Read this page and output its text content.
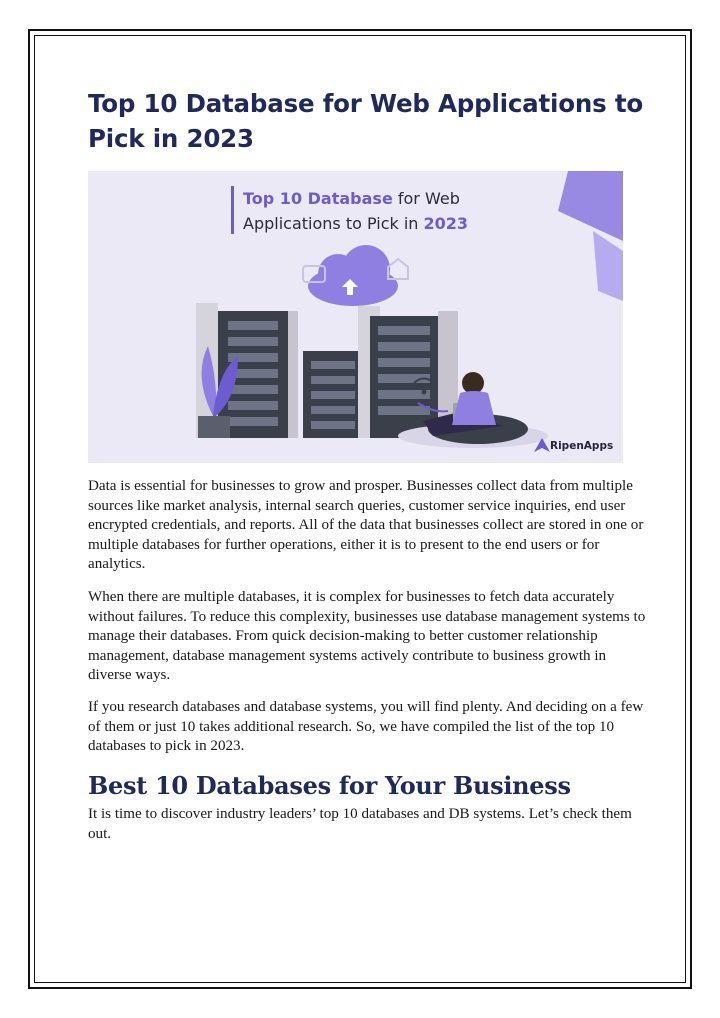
Top 10 Database for Web Applications to Pick in 2023
Top 10 Database for Web
Applications to Pick in 2023
RipenApps

Data is essential for businesses to grow and prosper. Businesses collect data from multiple sources like market analysis, internal search queries, customer service inquiries, end user encrypted credentials, and reports. All of the data that businesses collect are stored in one or multiple databases for further operations, either it is to present to the end users or for analytics.

When there are multiple databases, it is complex for businesses to fetch data accurately without failures. To reduce this complexity, businesses use database management systems to manage their databases. From quick decision-making to better customer relationship management, database management systems actively contribute to business growth in diverse ways.

If you research databases and database systems, you will find plenty. And deciding on a few of them or just 10 takes additional research. So, we have compiled the list of the top 10 databases to pick in 2023.

Best 10 Databases for Your Business

It is time to discover industry leaders’ top 10 databases and DB systems. Let’s check them out.
